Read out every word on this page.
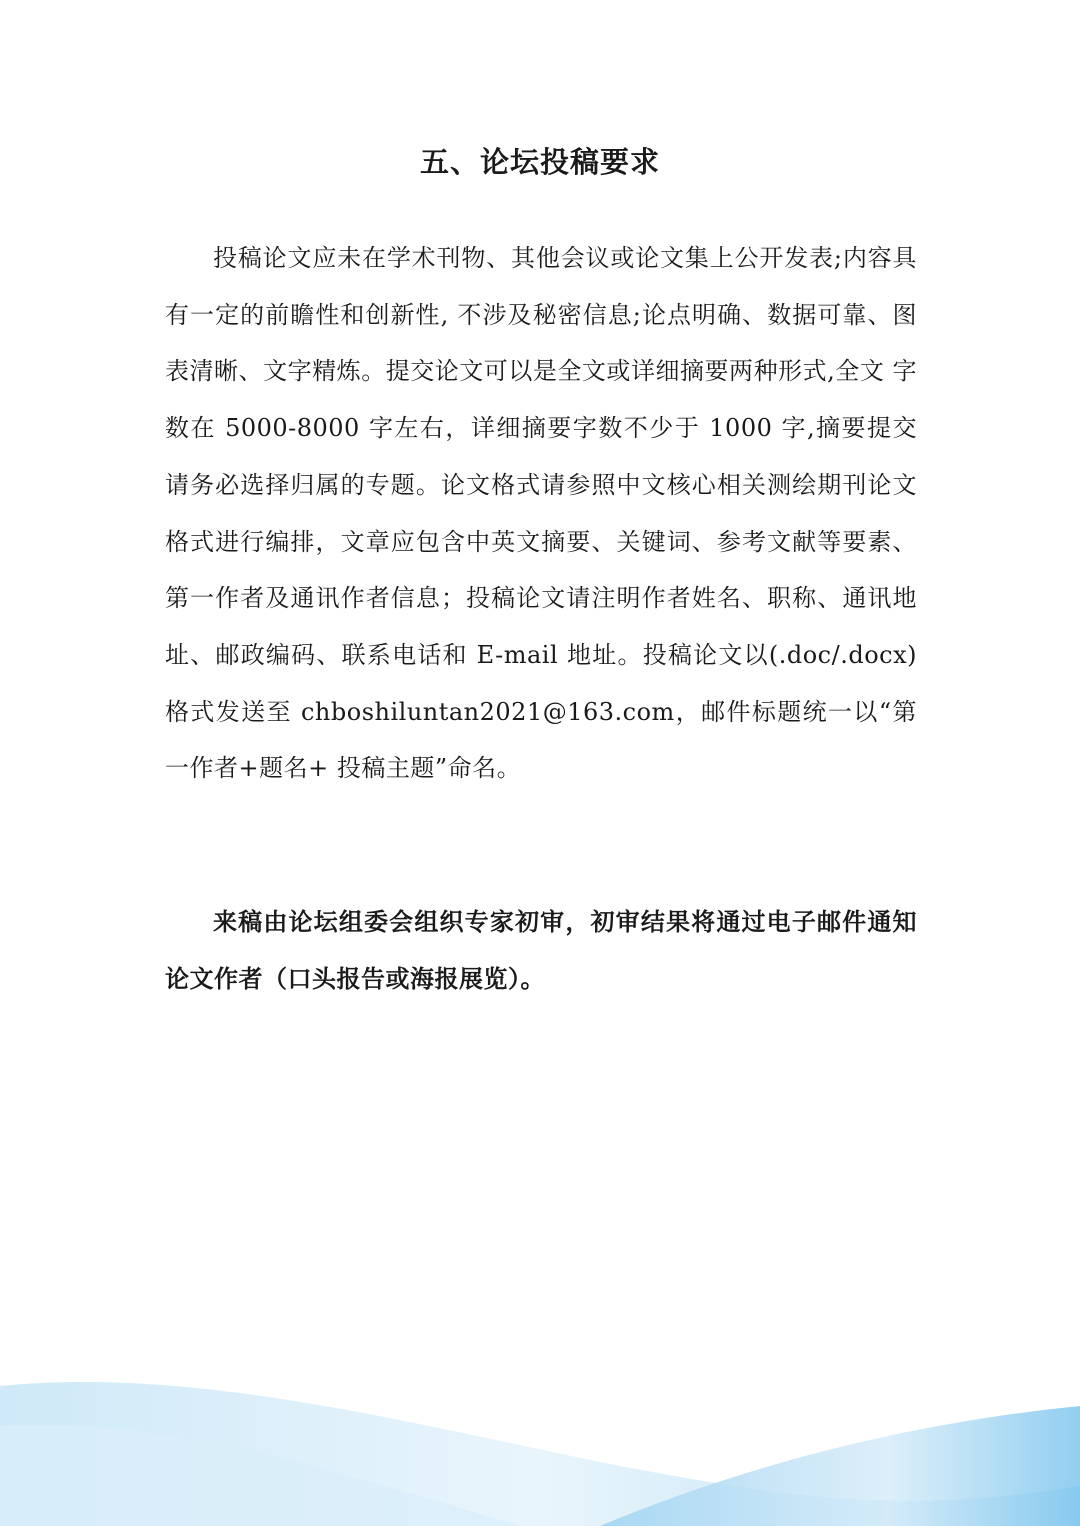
五、论坛投稿要求

投稿论文应未在学术刊物、其他会议或论文集上公开发表;内容具有一定的前瞻性和创新性, 不涉及秘密信息;论点明确、数据可靠、图表清晰、文字精炼。提交论文可以是全文或详细摘要两种形式,全文 字数在 5000-8000 字左右，详细摘要字数不少于 1000 字,摘要提交请务必选择归属的专题。论文格式请参照中文核心相关测绘期刊论文格式进行编排，文章应包含中英文摘要、关键词、参考文献等要素、第一作者及通讯作者信息；投稿论文请注明作者姓名、职称、通讯地址、邮政编码、联系电话和 E-mail 地址。投稿论文以(.doc/.docx)格式发送至 chboshiluntan2021@163.com，邮件标题统一以“第一作者+题名+ 投稿主题”命名。

来稿由论坛组委会组织专家初审，初审结果将通过电子邮件通知论文作者（口头报告或海报展览）。
